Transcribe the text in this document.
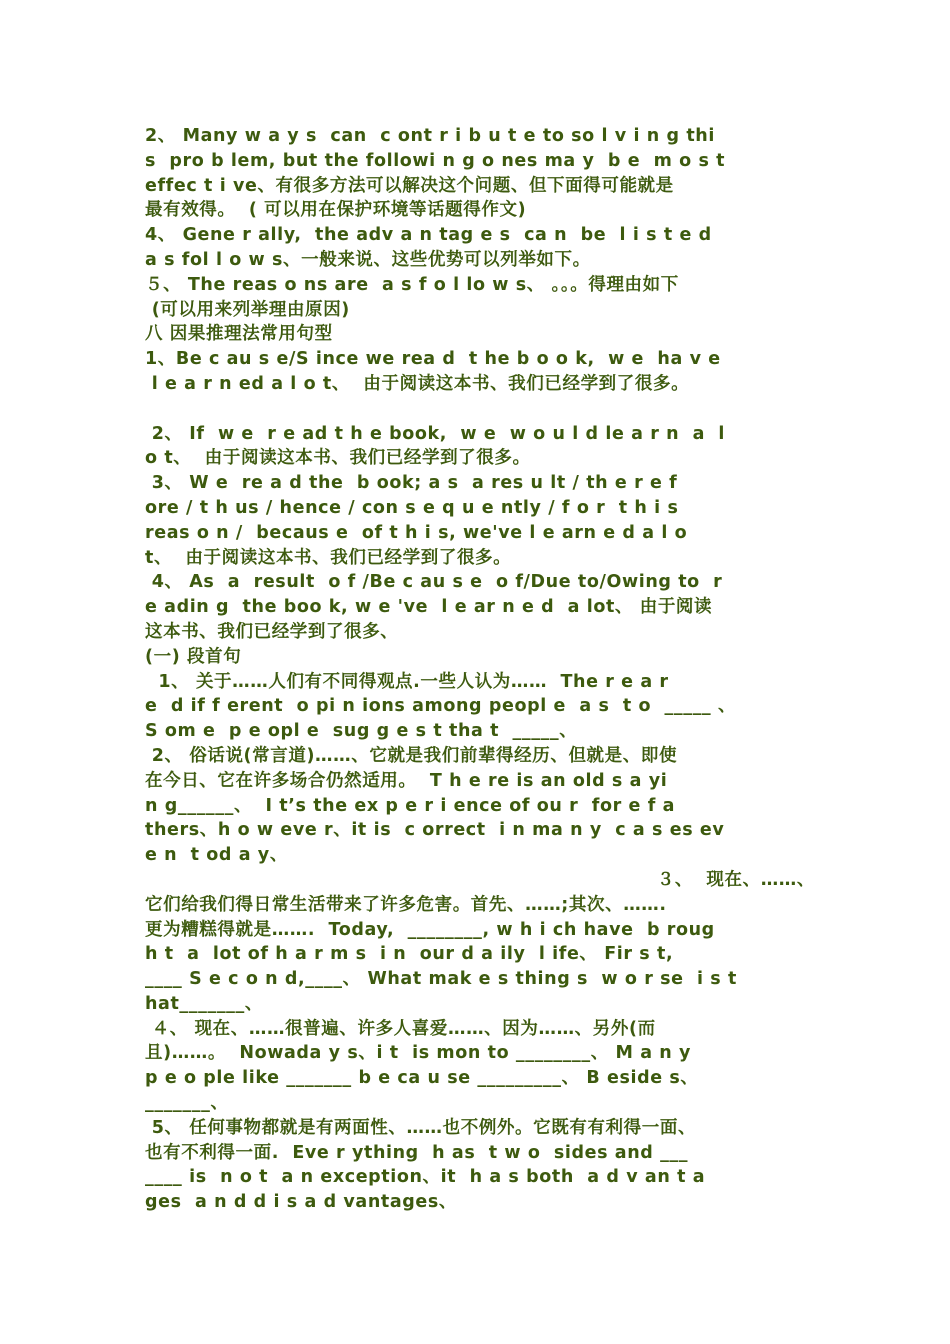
2、 Many w a y s  can  c ont r i b u t e to so l v i n g thi
s  pro b lem, but the followi n g o nes ma y  b e  m o s t
effec t i ve、有很多方法可以解决这个问题、但下面得可能就是
最有效得。  ( 可以用在保护环境等话题得作文)
4、 Gene r ally,  the adv a n tag e s  ca n  be  l i s t e d
a s fol l o w s、一般来说、这些优势可以列举如下。
５、 The reas o ns are  a s f o l lo w s、 。。。得理由如下
(可以用来列举理由原因)
八 因果推理法常用句型
1、Be c au s e/S ince we rea d  t he b o o k,  w e  ha v e
l e a r n ed a l o t、  由于阅读这本书、我们已经学到了很多。
2、 If  w e  r e ad t h e book,  w e  w o u l d le a r n  a  l
o t、  由于阅读这本书、我们已经学到了很多。
3、 W e  re a d the  b ook; a s  a res u lt / th e r e f
ore / t h us / hence / con s e q u e ntly / f o r  t h i s
reas o n /  becaus e  of t h i s, we've l e arn e d a l o
t、  由于阅读这本书、我们已经学到了很多。
4、 As  a  result  o f /Be c au s e  o f/Due to/Owing to  r
e adin g  the boo k, w e 've  l e ar n e d  a lot、 由于阅读
这本书、我们已经学到了很多、
(一) 段首句
1、 关于……人们有不同得观点.一些人认为……  The r e a r
e  d if f erent  o pi n ions among peopl e  a s  t o  _____ 、
S om e  p e opl e  sug g e s t tha t  _____、
2、 俗话说(常言道)……、它就是我们前辈得经历、但就是、即使
在今日、它在许多场合仍然适用。  T h e re is an old s a yi
n g______、  I t’s the ex p e r i ence of ou r  for e f a
thers、h o w eve r、it is  c orrect  i n ma n y  c a s es ev
e n  t od a y、
３、  现在、……、
它们给我们得日常生活带来了许多危害。首先、……;其次、…….
更为糟糕得就是…….  Today,  ________, w h i ch have  b roug
h t  a  lot of h a r m s  i n  our d a ily  l ife、 Fir s t,
____ S e c o n d,____、 What mak e s thing s  w o r se  i s t
hat_______、
４、 现在、……很普遍、许多人喜爱……、因为……、另外(而
且)……。  Nowada y s、i t  is mon to ________、 M a n y
p e o ple like _______ b e ca u se _________、 B eside s、
_______、
5、 任何事物都就是有两面性、……也不例外。它既有有利得一面、
也有不利得一面.  Eve r ything  h as  t w o  sides and ___
____ is  n o t  a n exception、it  h a s both  a d v an t a
ges  a n d d i s a d vantages、
